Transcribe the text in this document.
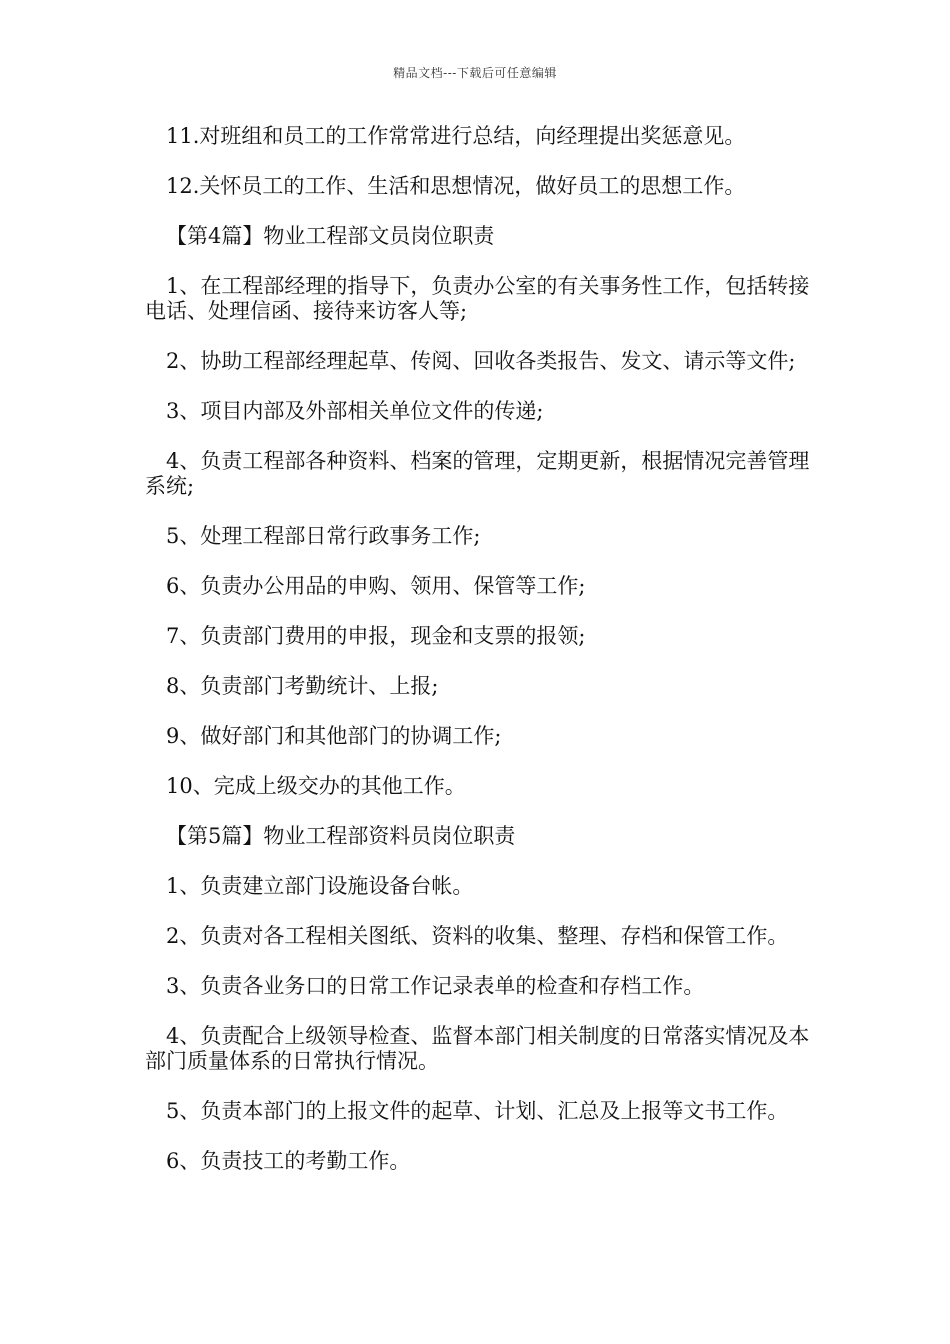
精品文档---下载后可任意编辑

11.对班组和员工的工作常常进行总结，向经理提出奖惩意见。

12.关怀员工的工作、生活和思想情况，做好员工的思想工作。

【第4篇】物业工程部文员岗位职责

1、在工程部经理的指导下，负责办公室的有关事务性工作，包括转接电话、处理信函、接待来访客人等;

2、协助工程部经理起草、传阅、回收各类报告、发文、请示等文件;

3、项目内部及外部相关单位文件的传递;

4、负责工程部各种资料、档案的管理，定期更新，根据情况完善管理系统;

5、处理工程部日常行政事务工作;

6、负责办公用品的申购、领用、保管等工作;

7、负责部门费用的申报，现金和支票的报领;

8、负责部门考勤统计、上报;

9、做好部门和其他部门的协调工作;

10、完成上级交办的其他工作。

【第5篇】物业工程部资料员岗位职责

1、负责建立部门设施设备台帐。

2、负责对各工程相关图纸、资料的收集、整理、存档和保管工作。

3、负责各业务口的日常工作记录表单的检查和存档工作。

4、负责配合上级领导检查、监督本部门相关制度的日常落实情况及本部门质量体系的日常执行情况。

5、负责本部门的上报文件的起草、计划、汇总及上报等文书工作。

6、负责技工的考勤工作。
